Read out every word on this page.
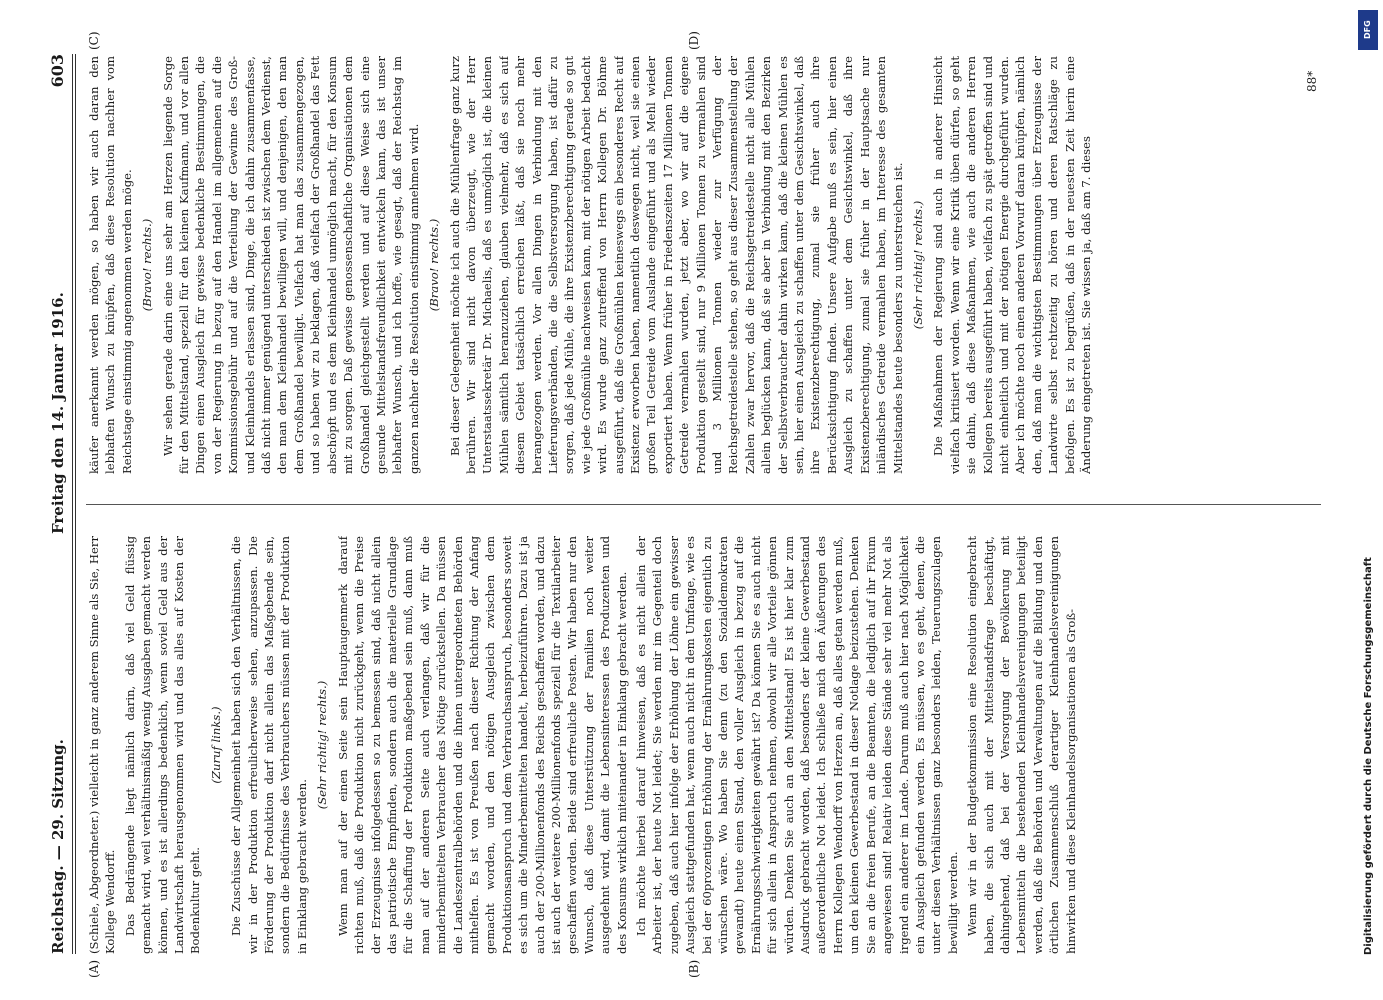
Reichstag. — 29. Sitzung.
Freitag den 14. Januar 1916.
603
(A)	(B)
(C)	(D)

(Schiele, Abgeordneter.) vielleicht in ganz anderem Sinne als Sie, Herr Kollege Wendorff. Das Bedrängende liegt nämlich darin, daß viel Geld flüssig gemacht wird, weil verhältnismäßig wenig Ausgaben gemacht werden können, und es ist allerdings bedenklich, wenn soviel Geld aus der Landwirtschaft herausgenommen wird und das alles auf Kosten der Bodenkultur geht.

(Zuruf links.) Die Zuschüsse der Allgemeinheit haben sich den Verhältnissen, die wir in der Produktion erfreulicherweise sehen, anzupassen. Die Förderung der Produktion darf nicht allein das Maßgebende sein, sondern die Bedürfnisse des Verbrauchers müssen mit der Produktion in Einklang gebracht werden.

(Sehr richtig! rechts.) Wenn man auf der einen Seite sein Hauptaugenmerk darauf richten muß, daß die Produktion nicht zurückgeht, wenn die Preise der Erzeugnisse infolgedessen so zu bemessen sind, daß nicht allein das patriotische Empfinden, sondern auch die materielle Grundlage für die Schaffung der Produktion maßgebend sein muß, dann muß man auf der anderen Seite auch verlangen, daß wir für die minderbemittelten Verbraucher das Nötige zurückstellen. Da müssen die Landeszentralbehörden und die ihnen untergeordneten Behörden mithelfen. Es ist von Preußen nach dieser Richtung der Anfang gemacht worden, und den nötigen Ausgleich zwischen dem Produktionsanspruch und dem Verbrauchsanspruch, besonders soweit es sich um die Minderbemittelten handelt, herbeizuführen. Dazu ist ja auch der 200-Millionenfonds des Reichs geschaffen worden, und dazu ist auch der weitere 200-Millionenfonds speziell für die Textilarbeiter geschaffen worden. Beide sind erfreuliche Posten. Wir haben nur den Wunsch, daß diese Unterstützung der Familien noch weiter ausgedehnt wird, damit die Lebensinteressen des Produzenten und des Konsums wirklich miteinander in Einklang gebracht werden. Ich möchte hierbei darauf hinweisen, daß es nicht allein der Arbeiter ist, der heute Not leidet; Sie werden mir im Gegenteil doch zugeben, daß auch hier infolge der Erhöhung der Löhne ein gewisser Ausgleich stattgefunden hat, wenn auch nicht in dem Umfange, wie es bei der 60prozentigen Erhöhung der Ernährungskosten eigentlich zu wünschen wäre. Wo haben Sie denn (zu den Sozialdemokraten gewandt) heute einen Stand, den voller Ausgleich in bezug auf die Ernährungsschwierigkeiten gewährt ist? Da können Sie es auch nicht für sich allein in Anspruch nehmen, obwohl wir alle Vorteile gönnen würden. Denken Sie auch an den Mittelstand! Es ist hier klar zum Ausdruck gebracht worden, daß besonders der kleine Gewerbestand außerordentliche Not leidet. Ich schließe mich den Äußerungen des Herrn Kollegen Wendorff von Herzen an, daß alles getan werden muß, um den kleinen Gewerbestand in dieser Notlage beizustehen. Denken Sie an die freien Berufe, an die Beamten, die lediglich auf ihr Fixum angewiesen sind! Relativ leiden diese Stände sehr viel mehr Not als irgend ein anderer im Lande. Darum muß auch hier nach Möglichkeit ein Ausgleich gefunden werden. Es müssen, wo es geht, denen, die unter diesen Verhältnissen ganz besonders leiden, Teuerungszulagen bewilligt werden. Wenn wir in der Budgetkommission eine Resolution eingebracht haben, die sich auch mit der Mittelstandsfrage beschäftigt, dahingehend, daß bei der Versorgung der Bevölkerung mit Lebensmitteln die bestehenden Kleinhandelsvereinigungen beteiligt werden, daß die Behörden und Verwaltungen auf die Bildung und den örtlichen Zusammenschluß derartiger Kleinhandelsvereinigungen hinwirken und diese Kleinhandelsorganisationen als Groß-

käufer anerkannt werden mögen, so haben wir auch daran den lebhaften Wunsch zu knüpfen, daß diese Resolution nachher vom Reichstage einstimmig angenommen werden möge. (Bravo! rechts.) Wir sehen gerade darin eine uns sehr am Herzen liegende Sorge für den Mittelstand, speziell für den kleinen Kaufmann, und vor allen Dingen einen Ausgleich für gewisse bedenkliche Bestimmungen, die von der Regierung in bezug auf den Handel im allgemeinen auf die Kommissionsgebühr und auf die Verteilung der Gewinne des Groß- und Kleinhandels erlassen sind, Dinge, die ich dahin zusammenfasse, daß nicht immer genügend unterschieden ist zwischen dem Verdienst, den man dem Kleinhandel bewilligen will, und denjenigen, den man dem Großhandel bewilligt. Vielfach hat man das zusammengezogen, und so haben wir zu beklagen, daß vielfach der Großhandel das Fett abschöpft und es dem Kleinhandel unmöglich macht, für den Konsum mit zu sorgen. Daß gewisse genossenschaftliche Organisationen dem Großhandel gleichgestellt werden und auf diese Weise sich eine gesunde Mittelstandsfreundlichkeit entwickeln kann, das ist unser lebhafter Wunsch, und ich hoffe, wie gesagt, daß der Reichstag im ganzen nachher die Resolution einstimmig annehmen wird. (Bravo! rechts.) Bei dieser Gelegenheit möchte ich auch die Mühlenfrage ganz kurz berühren. Wir sind nicht davon überzeugt, wie der Herr Unterstaatssekretär Dr. Michaelis, daß es unmöglich ist, die kleinen Mühlen sämtlich heranzuziehen, glauben vielmehr, daß es sich auf diesem Gebiet tatsächlich erreichen läßt, daß sie noch mehr herangezogen werden. Vor allen Dingen in Verbindung mit den Lieferungsverbänden, die die Selbstversorgung haben, ist dafür zu sorgen, daß jede Mühle, die ihre Existenzberechtigung gerade so gut wie jede Großmühle nachweisen kann, mit der nötigen Arbeit bedacht wird. Es wurde ganz zutreffend von Herrn Kollegen Dr. Böhme ausgeführt, daß die Großmühlen keineswegs ein besonderes Recht auf Existenz erworben haben, namentlich deswegen nicht, weil sie einen großen Teil Getreide vom Auslande eingeführt und als Mehl wieder exportiert haben. Wenn früher in Friedenszeiten 17 Millionen Tonnen Getreide vermahlen wurden, jetzt aber, wo wir auf die eigene Produktion gestellt sind, nur 9 Millionen Tonnen zu vermahlen sind und 3 Millionen Tonnen wieder zur Verfügung der Reichsgetreidestelle stehen, so geht aus dieser Zusammenstellung der Zahlen zwar hervor, daß die Reichsgetreidestelle nicht alle Mühlen allein beglücken kann, daß sie aber in Verbindung mit den Bezirken der Selbstverbraucher dahin wirken kann, daß die kleinen Mühlen es sein, hier einen Ausgleich zu schaffen unter dem Gesichtswinkel, daß ihre Existenzberechtigung, zumal sie früher auch ihre Berücksichtigung finden. Unsere Aufgabe muß es sein, hier einen Ausgleich zu schaffen unter dem Gesichtswinkel, daß ihre Existenzberechtigung, zumal sie früher in der Hauptsache nur inländisches Getreide vermahlen haben, im Interesse des gesamten Mittelstandes heute besonders zu unterstreichen ist. (Sehr richtig! rechts.) Die Maßnahmen der Regierung sind auch in anderer Hinsicht vielfach kritisiert worden. Wenn wir eine Kritik üben dürfen, so geht sie dahin, daß diese Maßnahmen, wie auch die anderen Herren Kollegen bereits ausgeführt haben, vielfach zu spät getroffen sind und nicht einheitlich und mit der nötigen Energie durchgeführt wurden. Aber ich möchte noch einen anderen Vorwurf daran knüpfen, nämlich den, daß man die wichtigsten Bestimmungen über Erzeugnisse der Landwirte selbst rechtzeitig zu hören und deren Ratschläge zu befolgen. Es ist zu begrüßen, daß in der neuesten Zeit hierin eine Änderung eingetreten ist. Sie wissen ja, daß am 7. dieses

88*
DFG
Digitalisierung gefördert durch die Deutsche Forschungsgemeinschaft
